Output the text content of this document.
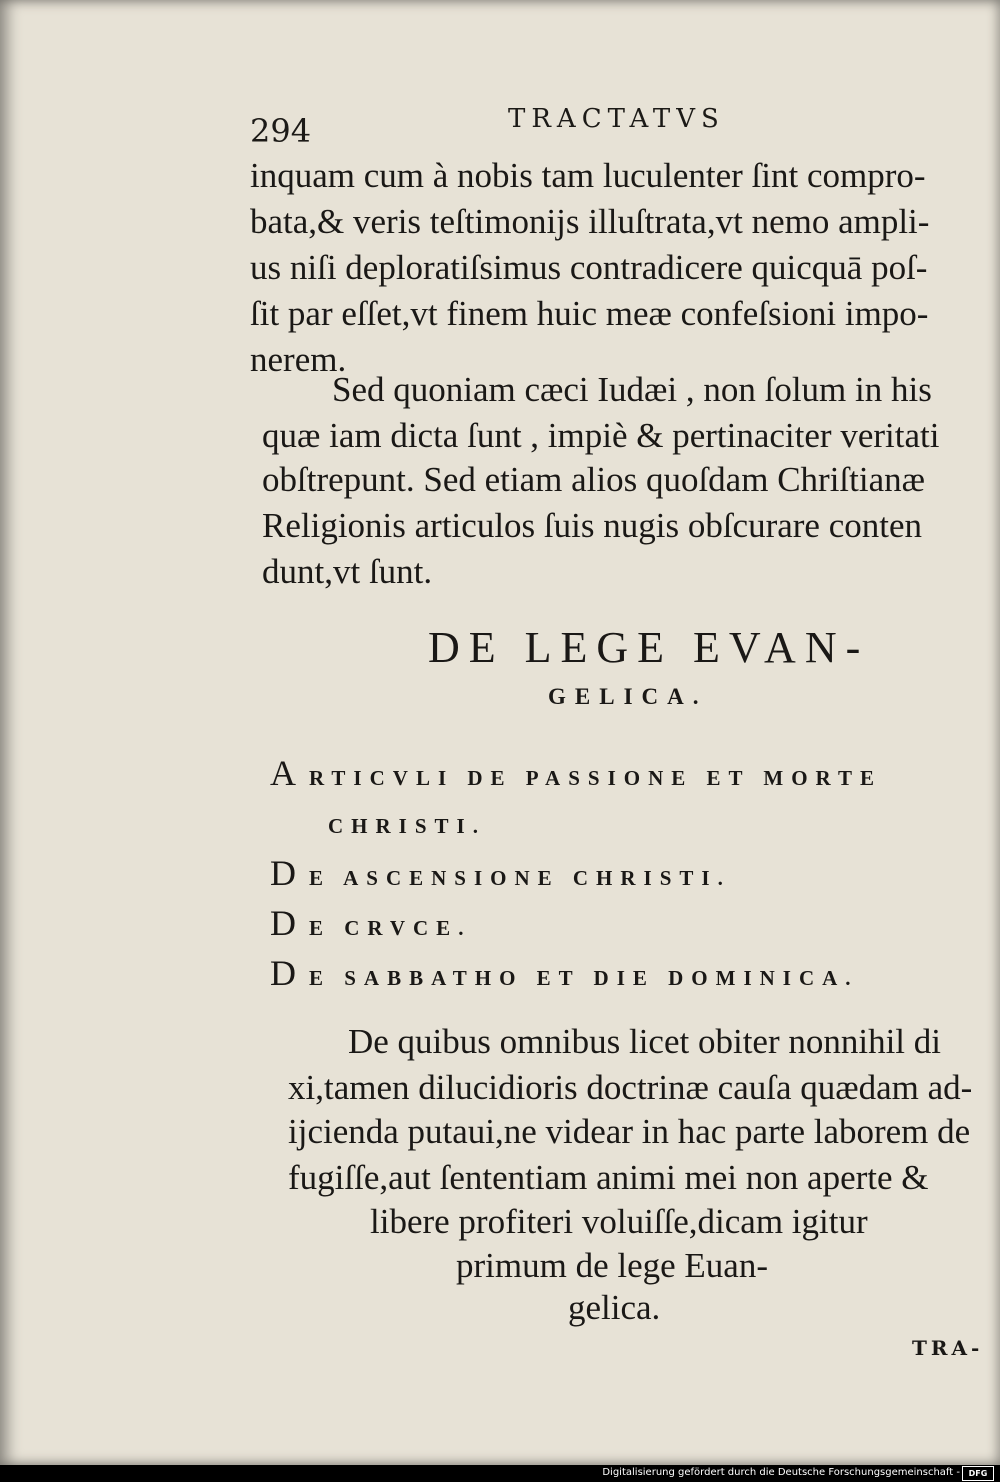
294	TRACTATVS
inquam cum à nobis tam luculenter ſint compro-
bata,& veris teſtimonijs illuſtrata,vt nemo ampli-
us niſi deploratiſsimus contradicere quicquā poſ-
ſit par eſſet,vt finem huic meæ confeſsioni impo-
nerem.
Sed quoniam cæci Iudæi , non ſolum in his
quæ iam dicta ſunt , impiè & pertinaciter veritati
obſtrepunt. Sed etiam alios quoſdam Chriſtianæ
Religionis articulos ſuis nugis obſcurare conten
dunt,vt ſunt.
DE LEGE EVAN-
GELICA.
ARTICVLI DE PASSIONE ET MORTE
CHRISTI.
D E ASCENSIONE CHRISTI.
D E CRVCE.
D E SABBATHO ET DIE DOMINICA.
De quibus omnibus licet obiter nonnihil di
xi,tamen dilucidioris doctrinæ cauſa quædam ad-
ijcienda putaui,ne videar in hac parte laborem de
fugiſſe,aut ſententiam animi mei non aperte &
libere profiteri voluiſſe,dicam igitur
primum de lege Euan-
gelica.
TRA-
Digitalisierung gefördert durch die Deutsche Forschungsgemeinschaft -	DFG
